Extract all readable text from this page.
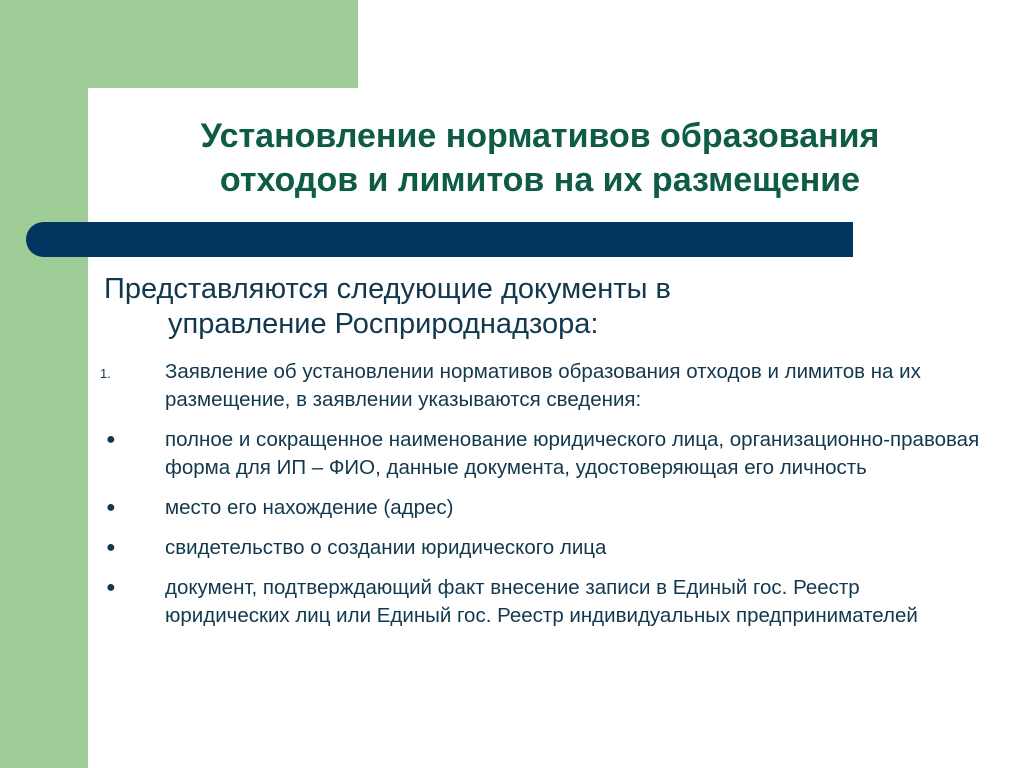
Установление нормативов образования
отходов и лимитов на их размещение

Представляются следующие документы в
управление Росприроднадзора:

1.	Заявление об установлении нормативов образования отходов и лимитов на их размещение, в заявлении указываются сведения:
● полное и сокращенное наименование юридического лица, организационно-правовая форма для ИП – ФИО, данные документа, удостоверяющая его личность
● место его нахождение (адрес)
● свидетельство о создании юридического лица
● документ, подтверждающий факт внесение записи в Единый гос. Реестр юридических лиц или Единый гос. Реестр индивидуальных предпринимателей
